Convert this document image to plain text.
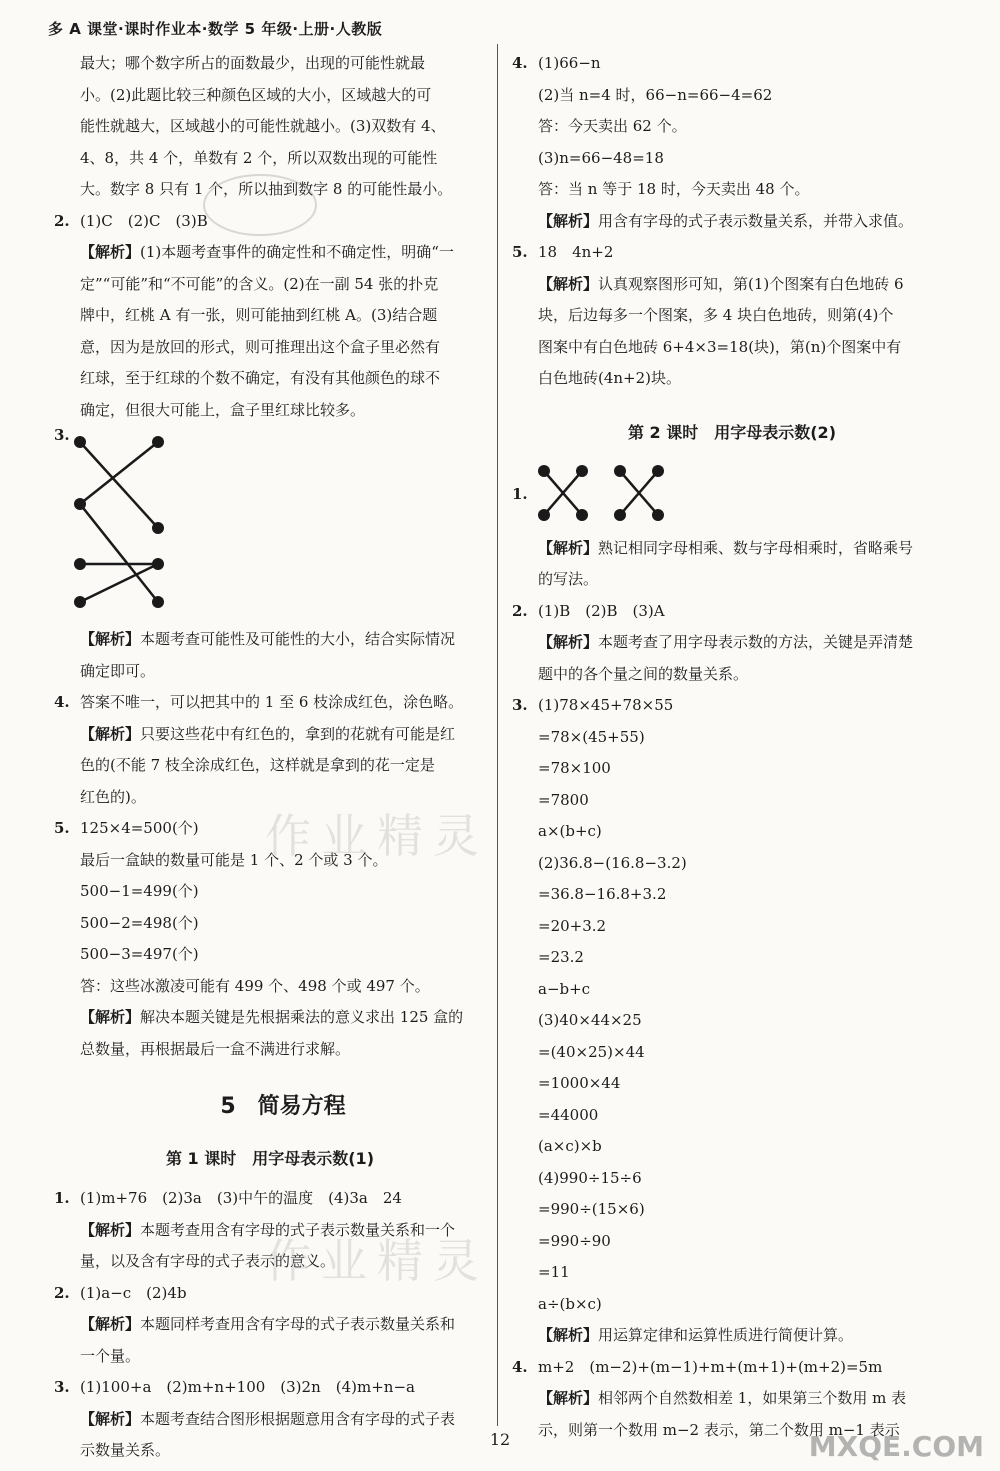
多 A 课堂·课时作业本·数学 5 年级·上册·人教版
最大；哪个数字所占的面数最少，出现的可能性就最
小。(2)此题比较三种颜色区域的大小，区域越大的可
能性就越大，区域越小的可能性就越小。(3)双数有 4、
4、8，共 4 个，单数有 2 个，所以双数出现的可能性
大。数字 8 只有 1 个，所以抽到数字 8 的可能性最小。
2. (1)C　(2)C　(3)B
【解析】(1)本题考查事件的确定性和不确定性，明确“一
定”“可能”和“不可能”的含义。(2)在一副 54 张的扑克
牌中，红桃 A 有一张，则可能抽到红桃 A。(3)结合题
意，因为是放回的形式，则可推理出这个盒子里必然有
红球，至于红球的个数不确定，有没有其他颜色的球不
确定，但很大可能上，盒子里红球比较多。
3.
【解析】本题考查可能性及可能性的大小，结合实际情况
确定即可。
4. 答案不唯一，可以把其中的 1 至 6 枝涂成红色，涂色略。
【解析】只要这些花中有红色的，拿到的花就有可能是红
色的(不能 7 枝全涂成红色，这样就是拿到的花一定是
红色的)。
5. 125×4=500(个)
最后一盒缺的数量可能是 1 个、2 个或 3 个。
500−1=499(个)
500−2=498(个)
500−3=497(个)
答：这些冰激凌可能有 499 个、498 个或 497 个。
【解析】解决本题关键是先根据乘法的意义求出 125 盒的
总数量，再根据最后一盒不满进行求解。
5　简易方程
第 1 课时　用字母表示数(1)
1. (1)m+76　(2)3a　(3)中午的温度　(4)3a　24
【解析】本题考查用含有字母的式子表示数量关系和一个
量，以及含有字母的式子表示的意义。
2. (1)a−c　(2)4b
【解析】本题同样考查用含有字母的式子表示数量关系和
一个量。
3. (1)100+a　(2)m+n+100　(3)2n　(4)m+n−a
【解析】本题考查结合图形根据题意用含有字母的式子表
示数量关系。
4. (1)66−n
(2)当 n=4 时，66−n=66−4=62
答：今天卖出 62 个。
(3)n=66−48=18
答：当 n 等于 18 时，今天卖出 48 个。
【解析】用含有字母的式子表示数量关系，并带入求值。
5. 18　4n+2
【解析】认真观察图形可知，第(1)个图案有白色地砖 6
块，后边每多一个图案，多 4 块白色地砖，则第(4)个
图案中有白色地砖 6+4×3=18(块)，第(n)个图案中有
白色地砖(4n+2)块。
第 2 课时　用字母表示数(2)
1.
【解析】熟记相同字母相乘、数与字母相乘时，省略乘号
的写法。
2. (1)B　(2)B　(3)A
【解析】本题考查了用字母表示数的方法，关键是弄清楚
题中的各个量之间的数量关系。
3. (1)78×45+78×55
=78×(45+55)
=78×100
=7800
a×(b+c)
(2)36.8−(16.8−3.2)
=36.8−16.8+3.2
=20+3.2
=23.2
a−b+c
(3)40×44×25
=(40×25)×44
=1000×44
=44000
(a×c)×b
(4)990÷15÷6
=990÷(15×6)
=990÷90
=11
a÷(b×c)
【解析】用运算定律和运算性质进行简便计算。
4. m+2　(m−2)+(m−1)+m+(m+1)+(m+2)=5m
【解析】相邻两个自然数相差 1，如果第三个数用 m 表
示，则第一个数用 m−2 表示，第二个数用 m−1 表示
作业精灵
作业精灵
MXQE.COM
12
